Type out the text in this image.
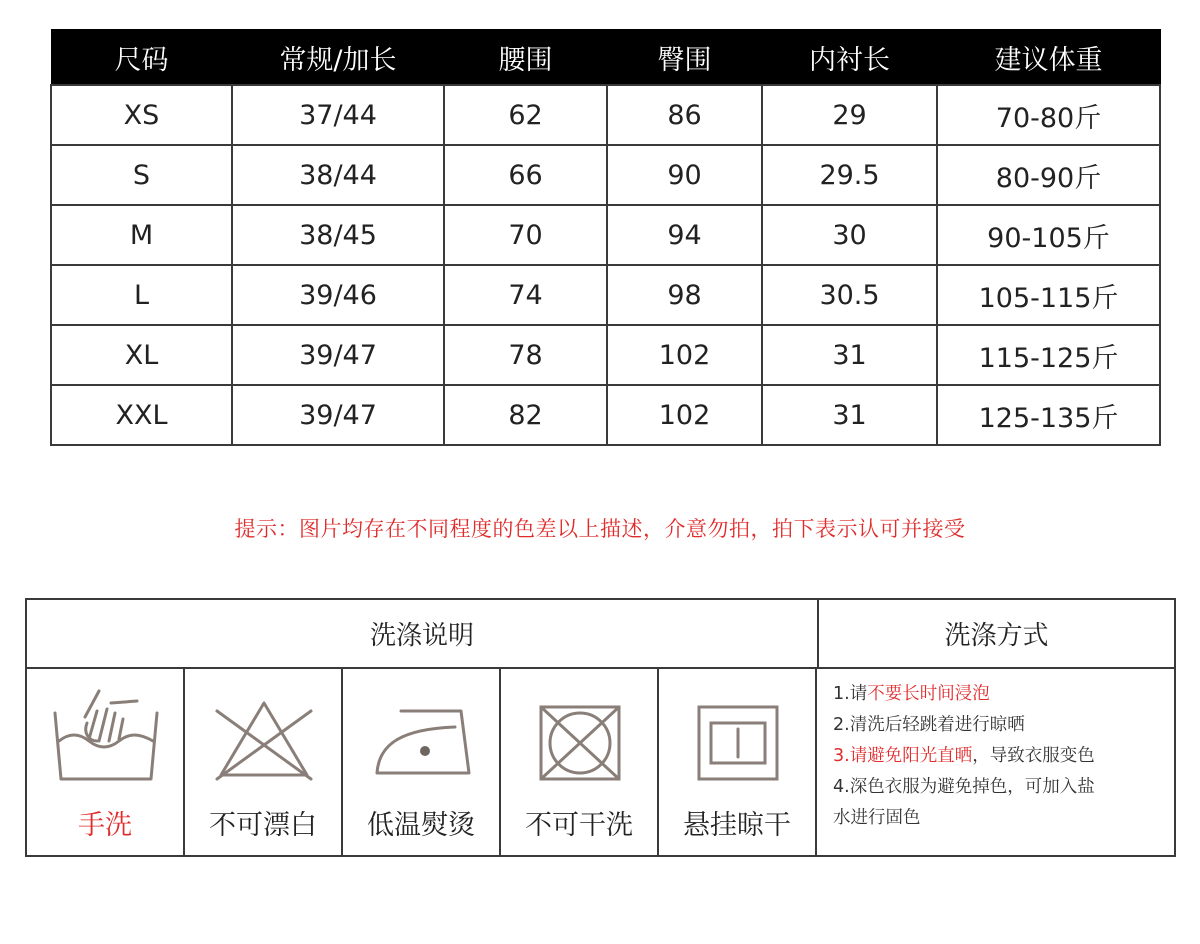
尺码	常规/加长	腰围	臀围	内衬长	建议体重
XS	37/44	62	86	29	70-80斤
S	38/44	66	90	29.5	80-90斤
M	38/45	70	94	30	90-105斤
L	39/46	74	98	30.5	105-115斤
XL	39/47	78	102	31	115-125斤
XXL	39/47	82	102	31	125-135斤
提示：图片均存在不同程度的色差以上描述，介意勿拍，拍下表示认可并接受
洗涤说明	洗涤方式
手洗	不可漂白	低温熨烫	不可干洗	悬挂晾干

1.请不要长时间浸泡

2.清洗后轻跳着进行晾晒

3.请避免阳光直晒，导致衣服变色

4.深色衣服为避免掉色，可加入盐
水进行固色
